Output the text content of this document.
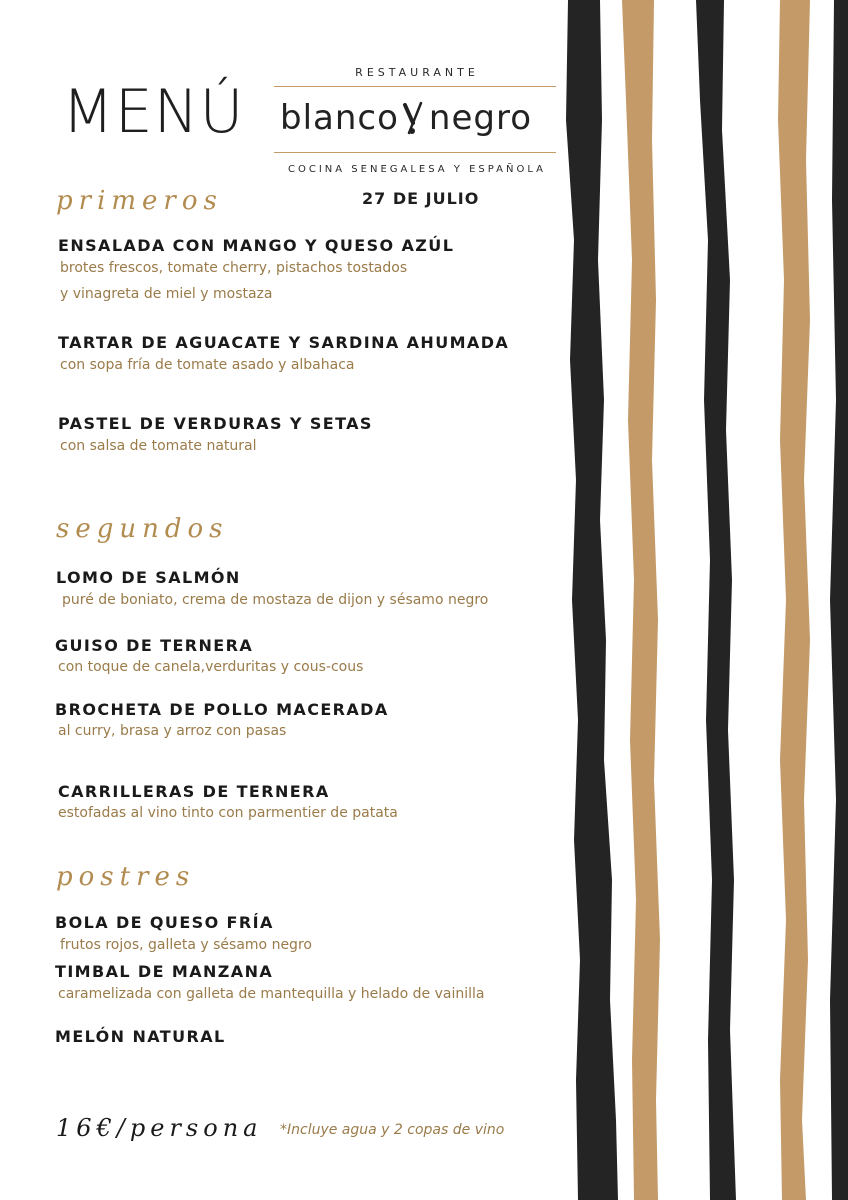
MENÚ
RESTAURANTE
blanco negro
COCINA SENEGALESA Y ESPAÑOLA
27 DE JULIO
primeros
ENSALADA CON MANGO Y QUESO AZÚL
brotes frescos, tomate cherry, pistachos tostados
y vinagreta de miel y mostaza
TARTAR DE AGUACATE Y SARDINA AHUMADA
con sopa fría de tomate asado y albahaca
PASTEL DE VERDURAS Y SETAS
con salsa de tomate natural
segundos
LOMO DE SALMÓN
puré de boniato, crema de mostaza de dijon y sésamo negro
GUISO DE TERNERA
con toque de canela,verduritas y cous-cous
BROCHETA DE POLLO MACERADA
al curry, brasa y arroz con pasas
CARRILLERAS DE TERNERA
estofadas al vino tinto con parmentier de patata
postres
BOLA DE QUESO FRÍA
frutos rojos, galleta y sésamo negro
TIMBAL DE MANZANA
caramelizada con galleta de mantequilla y helado de vainilla
MELÓN NATURAL
16€/persona *Incluye agua y 2 copas de vino
